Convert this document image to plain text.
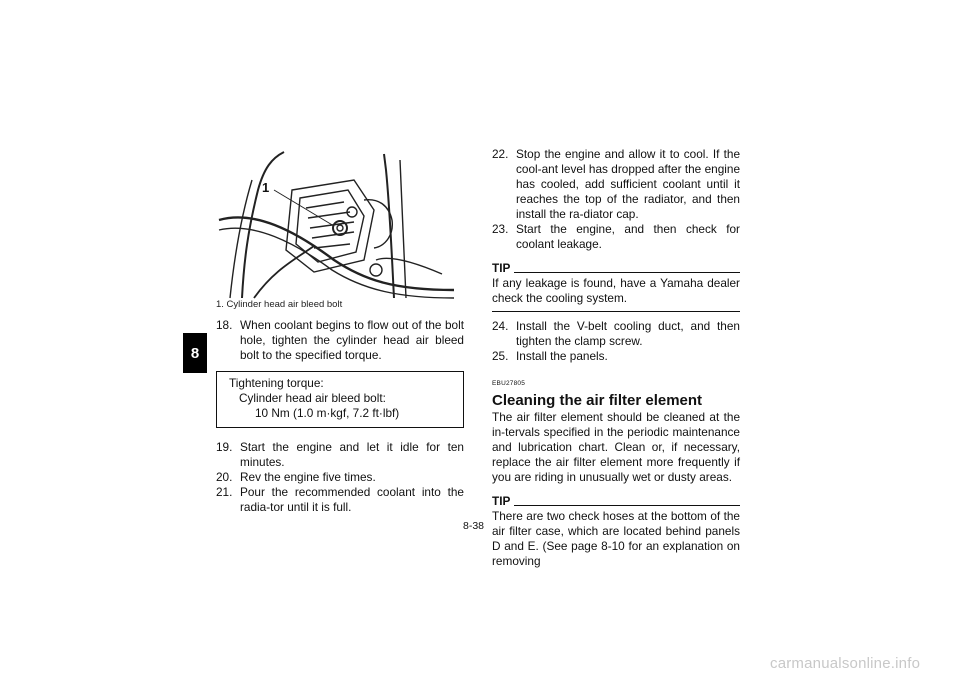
8
1
1. Cylinder head air bleed bolt
18. When coolant begins to flow out of the bolt hole, tighten the cylinder head air bleed bolt to the specified torque.
Tightening torque:
Cylinder head air bleed bolt:
10 Nm (1.0 m·kgf, 7.2 ft·lbf)
19. Start the engine and let it idle for ten minutes.
20. Rev the engine five times.
21. Pour the recommended coolant into the radia-tor until it is full.
22. Stop the engine and allow it to cool. If the cool-ant level has dropped after the engine has cooled, add sufficient coolant until it reaches the top of the radiator, and then install the ra-diator cap.
23. Start the engine, and then check for coolant leakage.
TIP
If any leakage is found, have a Yamaha dealer check the cooling system.
24. Install the V-belt cooling duct, and then tighten the clamp screw.
25. Install the panels.
EBU27805
Cleaning the air filter element
The air filter element should be cleaned at the in-tervals specified in the periodic maintenance and lubrication chart. Clean or, if necessary, replace the air filter element more frequently if you are riding in unusually wet or dusty areas.
TIP
There are two check hoses at the bottom of the air filter case, which are located behind panels D and E. (See page 8-10 for an explanation on removing
8-38
carmanualsonline.info
